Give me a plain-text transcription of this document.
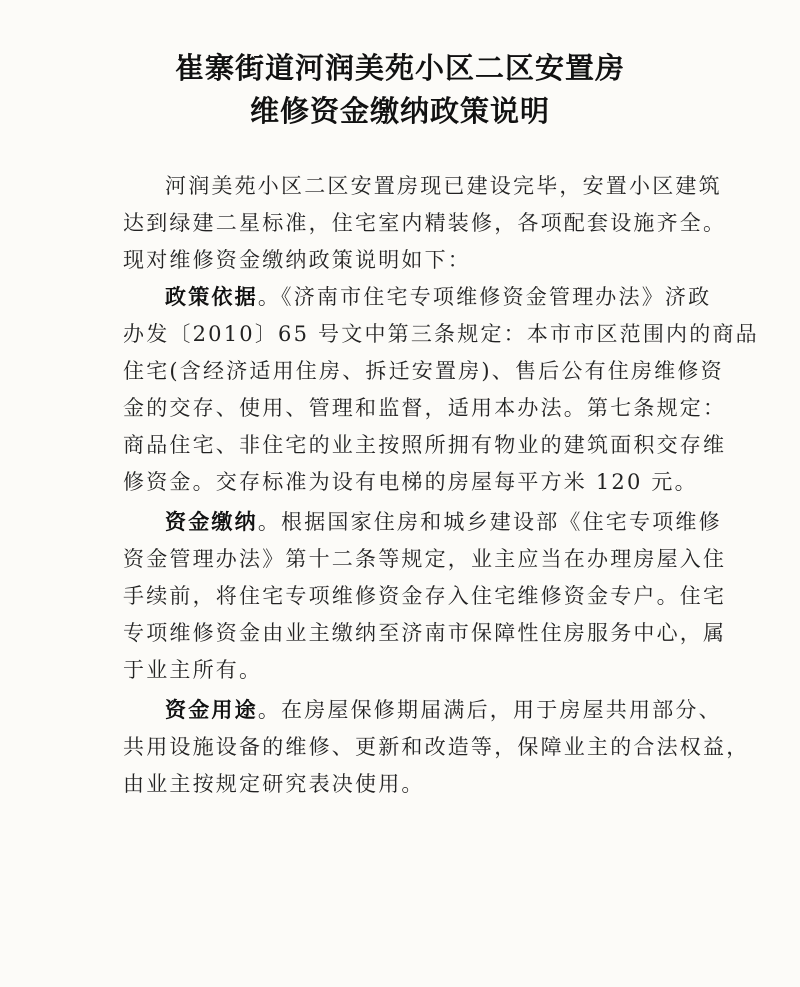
崔寨街道河润美苑小区二区安置房
维修资金缴纳政策说明
河润美苑小区二区安置房现已建设完毕，安置小区建筑
达到绿建二星标准，住宅室内精装修，各项配套设施齐全。
现对维修资金缴纳政策说明如下：
政策依据。《济南市住宅专项维修资金管理办法》济政
办发〔2010〕65 号文中第三条规定：本市市区范围内的商品
住宅(含经济适用住房、拆迁安置房)、售后公有住房维修资
金的交存、使用、管理和监督，适用本办法。第七条规定：
商品住宅、非住宅的业主按照所拥有物业的建筑面积交存维
修资金。交存标准为设有电梯的房屋每平方米 120 元。
资金缴纳。根据国家住房和城乡建设部《住宅专项维修
资金管理办法》第十二条等规定，业主应当在办理房屋入住
手续前，将住宅专项维修资金存入住宅维修资金专户。住宅
专项维修资金由业主缴纳至济南市保障性住房服务中心，属
于业主所有。
资金用途。在房屋保修期届满后，用于房屋共用部分、
共用设施设备的维修、更新和改造等，保障业主的合法权益，
由业主按规定研究表决使用。
